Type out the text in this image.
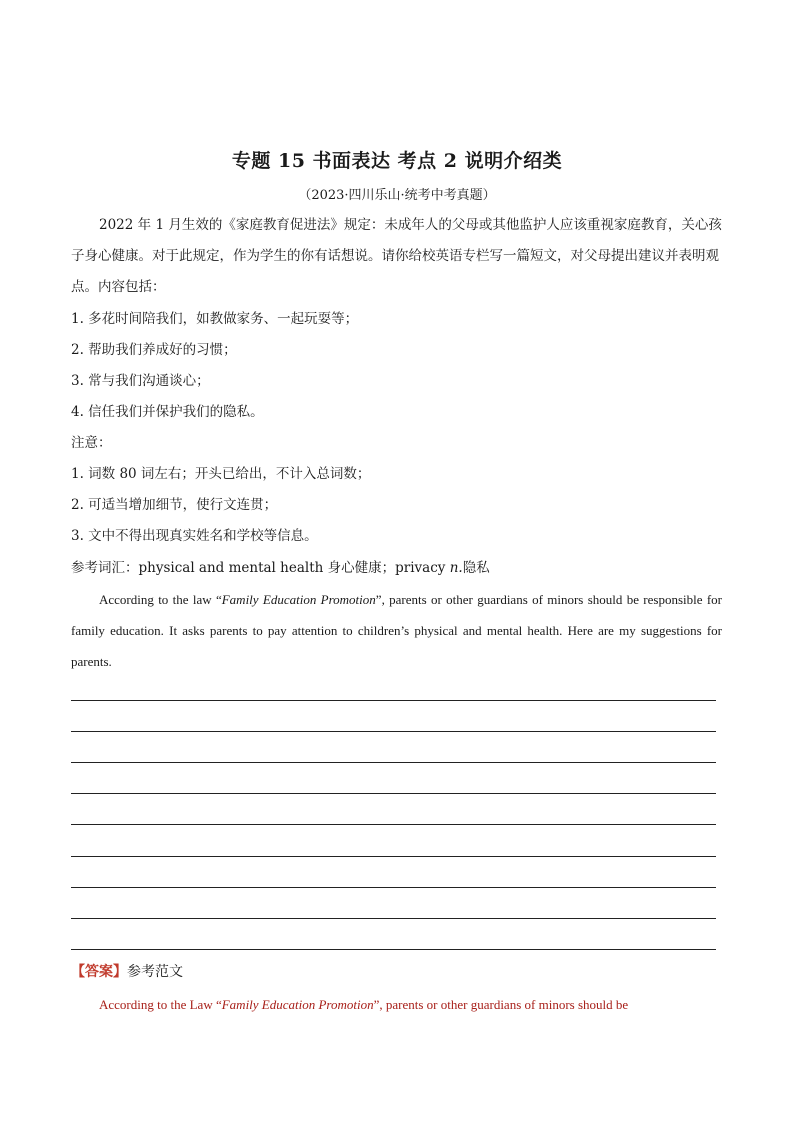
专题 15 书面表达 考点 2 说明介绍类
（2023·四川乐山·统考中考真题）
2022 年 1 月生效的《家庭教育促进法》规定：未成年人的父母或其他监护人应该重视家庭教育，关心孩子身心健康。对于此规定，作为学生的你有话想说。请你给校英语专栏写一篇短文，对父母提出建议并表明观点。内容包括：
1. 多花时间陪我们，如教做家务、一起玩耍等；
2. 帮助我们养成好的习惯；
3. 常与我们沟通谈心；
4. 信任我们并保护我们的隐私。
注意：
1. 词数 80 词左右；开头已给出，不计入总词数；
2. 可适当增加细节，使行文连贯；
3. 文中不得出现真实姓名和学校等信息。
参考词汇：physical and mental health 身心健康；privacy n.隐私
According to the law “Family Education Promotion”, parents or other guardians of minors should be responsible for family education. It asks parents to pay attention to children’s physical and mental health. Here are my suggestions for parents.
【答案】参考范文
According to the Law “Family Education Promotion”, parents or other guardians of minors should be
